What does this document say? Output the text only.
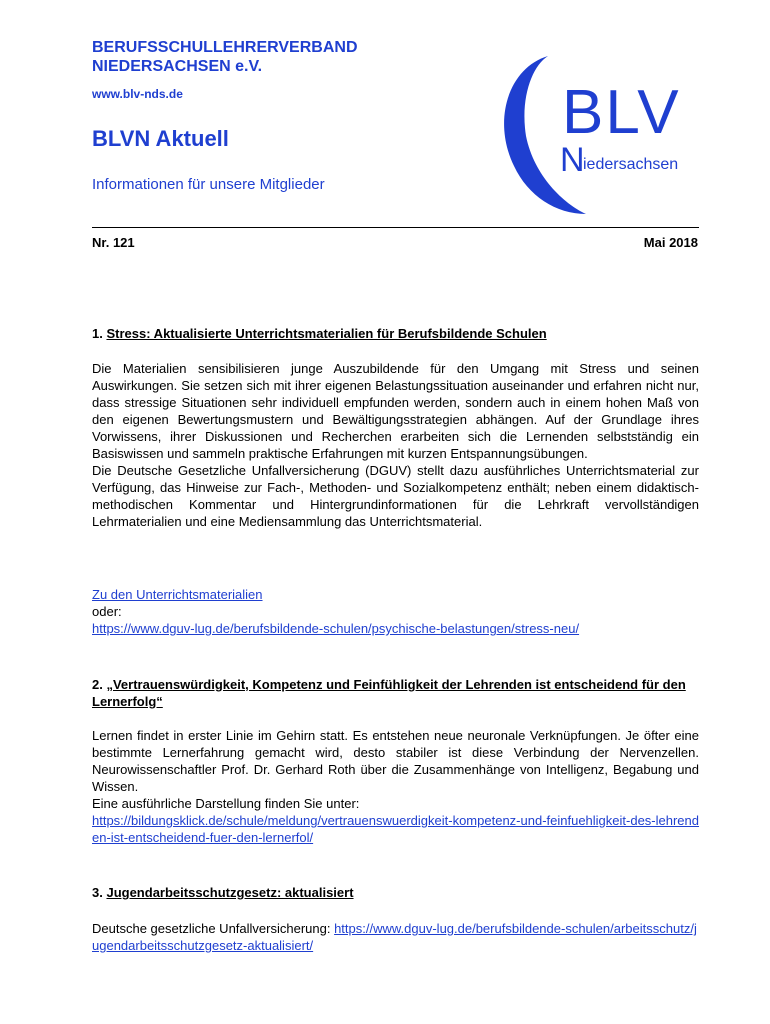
BERUFSSCHULLEHRERVERBAND
NIEDERSACHSEN e.V.
www.blv-nds.de
BLVN Aktuell
Informationen für unsere Mitglieder
BLV
N
iedersachsen
Nr. 121	Mai 2018
1. Stress: Aktualisierte Unterrichtsmaterialien für Berufsbildende Schulen
Die Materialien sensibilisieren junge Auszubildende für den Umgang mit Stress und seinen Auswirkungen. Sie setzen sich mit ihrer eigenen Belastungssituation auseinander und erfahren nicht nur, dass stressige Situationen sehr individuell empfunden werden, sondern auch in einem hohen Maß von den eigenen Bewertungsmustern und Bewältigungsstrategien abhängen. Auf der Grundlage ihres Vorwissens, ihrer Diskussionen und Recherchen erarbeiten sich die Lernenden selbstständig ein Basiswissen und sammeln praktische Erfahrungen mit kurzen Entspannungsübungen.
Die Deutsche Gesetzliche Unfallversicherung (DGUV) stellt dazu ausführliches Unterrichtsmaterial zur Verfügung, das Hinweise zur Fach-, Methoden- und Sozialkompetenz enthält; neben einem didaktisch-methodischen Kommentar und Hintergrundinformationen für die Lehrkraft vervollständigen Lehrmaterialien und eine Mediensammlung das Unterrichtsmaterial.
Zu den Unterrichtsmaterialien
oder:
https://www.dguv-lug.de/berufsbildende-schulen/psychische-belastungen/stress-neu/
2. „Vertrauenswürdigkeit, Kompetenz und Feinfühligkeit der Lehrenden ist entscheidend für den Lernerfolg“
Lernen findet in erster Linie im Gehirn statt. Es entstehen neue neuronale Verknüpfungen. Je öfter eine bestimmte Lernerfahrung gemacht wird, desto stabiler ist diese Verbindung der Nervenzellen. Neurowissenschaftler Prof. Dr. Gerhard Roth über die Zusammenhänge von Intelligenz, Begabung und Wissen.
Eine ausführliche Darstellung finden Sie unter:
https://bildungsklick.de/schule/meldung/vertrauenswuerdigkeit-kompetenz-und-feinfuehligkeit-des-lehrenden-ist-entscheidend-fuer-den-lernerfol/
3. Jugendarbeitsschutzgesetz: aktualisiert
Deutsche gesetzliche Unfallversicherung: https://www.dguv-lug.de/berufsbildende-schulen/arbeitsschutz/jugendarbeitsschutzgesetz-aktualisiert/
